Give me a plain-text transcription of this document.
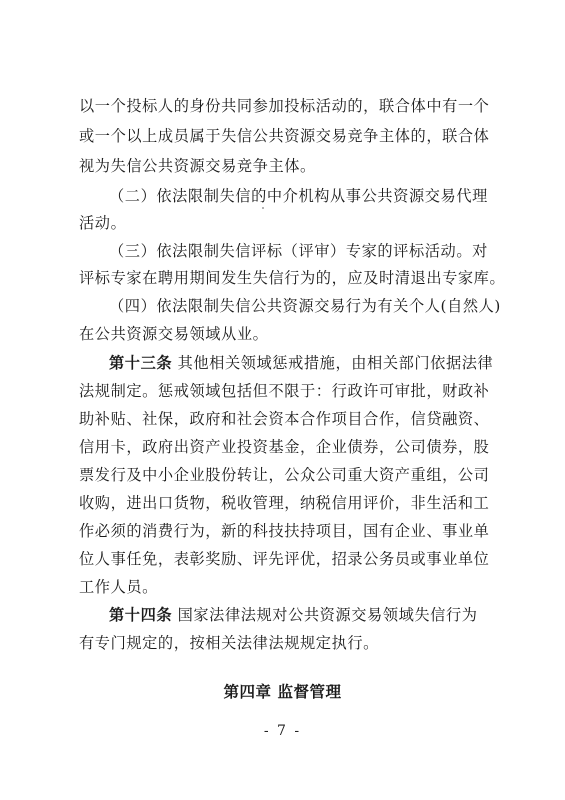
以一个投标人的身份共同参加投标活动的，联合体中有一个
或一个以上成员属于失信公共资源交易竞争主体的，联合体
视为失信公共资源交易竞争主体。
（二）依法限制失信的中介机构从事公共资源交易代理
活动。
（三）依法限制失信评标（评审）专家的评标活动。对
评标专家在聘用期间发生失信行为的，应及时清退出专家库。
（四）依法限制失信公共资源交易行为有关个人(自然人)
在公共资源交易领域从业。
第十三条 其他相关领域惩戒措施，由相关部门依据法律
法规制定。惩戒领域包括但不限于：行政许可审批，财政补
助补贴、社保，政府和社会资本合作项目合作，信贷融资、
信用卡，政府出资产业投资基金，企业债券，公司债券，股
票发行及中小企业股份转让，公众公司重大资产重组，公司
收购，进出口货物，税收管理，纳税信用评价，非生活和工
作必须的消费行为，新的科技扶持项目，国有企业、事业单
位人事任免，表彰奖励、评先评优，招录公务员或事业单位
工作人员。
第十四条 国家法律法规对公共资源交易领域失信行为
有专门规定的，按相关法律法规规定执行。
第四章 监督管理
- 7 -
